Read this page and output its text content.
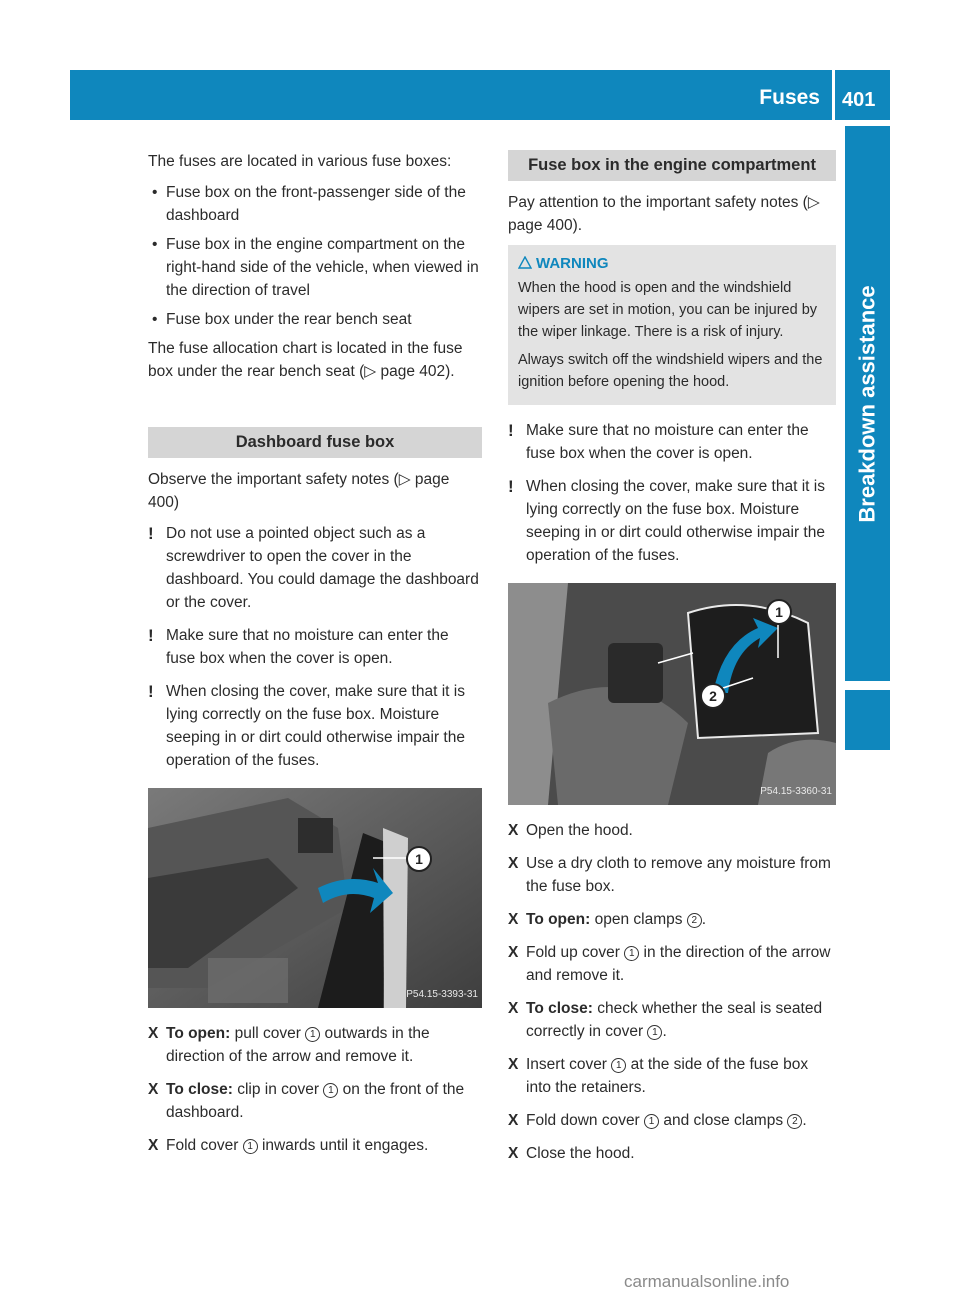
Fuses 401
Breakdown assistance

The fuses are located in various fuse boxes:

• Fuse box on the front-passenger side of the dashboard
• Fuse box in the engine compartment on the right-hand side of the vehicle, when viewed in the direction of travel
• Fuse box under the rear bench seat

The fuse allocation chart is located in the fuse box under the rear bench seat (▷ page 402).

Dashboard fuse box

Observe the important safety notes (▷ page 400)

! Do not use a pointed object such as a screwdriver to open the cover in the dashboard. You could damage the dashboard or the cover.
! Make sure that no moisture can enter the fuse box when the cover is open.
! When closing the cover, make sure that it is lying correctly on the fuse box. Moisture seeping in or dirt could otherwise impair the operation of the fuses.
1
P54.15-3393-31
X To open: pull cover 1 outwards in the direction of the arrow and remove it.
X To close: clip in cover 1 on the front of the dashboard.
X Fold cover 1 inwards until it engages.
Fuse box in the engine compartment

Pay attention to the important safety notes (▷ page 400).

WARNING

When the hood is open and the windshield wipers are set in motion, you can be injured by the wiper linkage. There is a risk of injury.

Always switch off the windshield wipers and the ignition before opening the hood.

! Make sure that no moisture can enter the fuse box when the cover is open.
! When closing the cover, make sure that it is lying correctly on the fuse box. Moisture seeping in or dirt could otherwise impair the operation of the fuses.
1
2
P54.15-3360-31
X Open the hood.
X Use a dry cloth to remove any moisture from the fuse box.
X To open: open clamps 2 .
X Fold up cover 1 in the direction of the arrow and remove it.
X To close: check whether the seal is seated correctly in cover 1 .
X Insert cover 1 at the side of the fuse box into the retainers.
X Fold down cover 1 and close clamps 2 .
X Close the hood.
carmanualsonline.info
